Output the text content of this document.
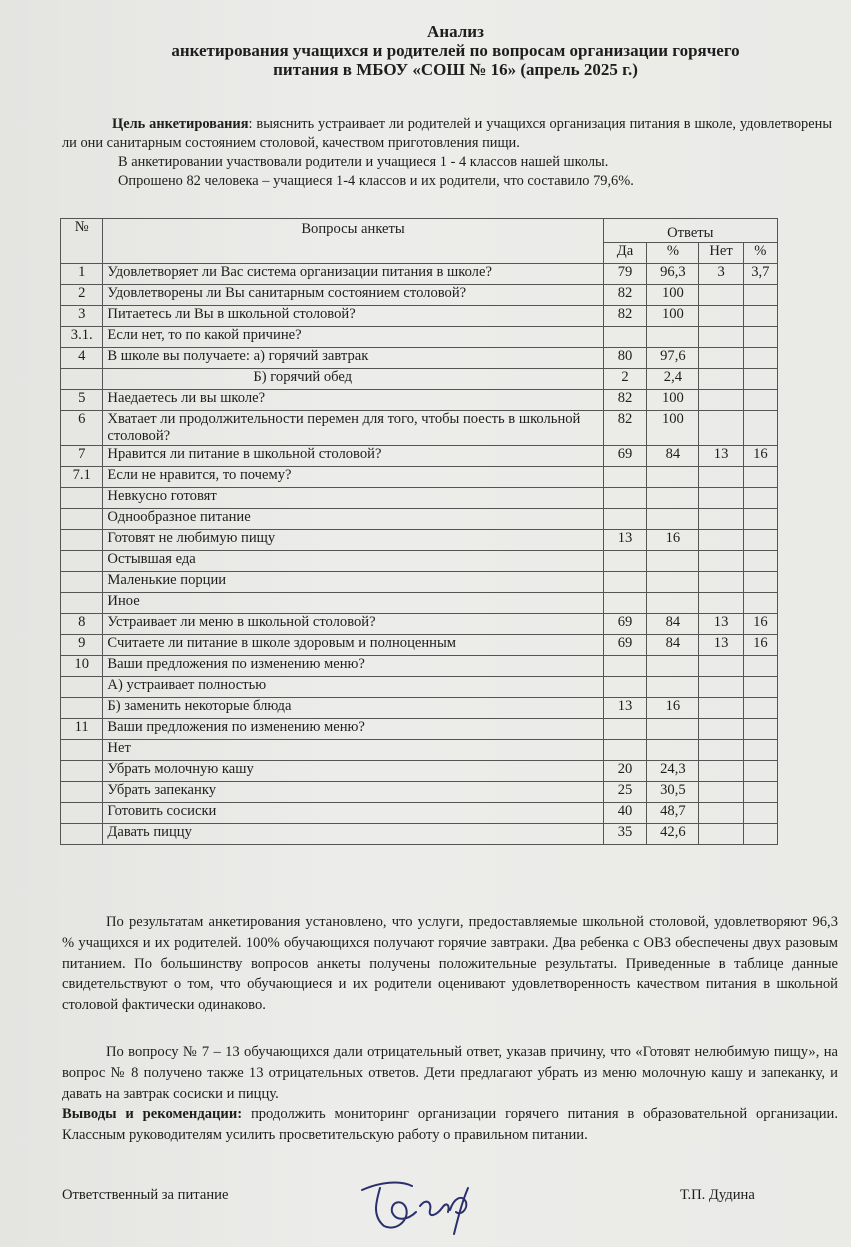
Анализ
анкетирования учащихся и родителей по вопросам организации горячего
питания в МБОУ «СОШ № 16» (апрель 2025 г.)
Цель анкетирования: выяснить устраивает ли родителей и учащихся организация питания в школе, удовлетворены ли они санитарным состоянием столовой, качеством приготовления пищи.
В анкетировании участвовали родители и учащиеся 1 - 4 классов нашей школы.
Опрошено 82 человека – учащиеся 1-4 классов и их родители, что составило 79,6%.
№	Вопросы анкеты	Ответы			
		Да	%	Нет	%
1	Удовлетворяет ли Вас система организации питания в школе?	79	96,3	3	3,7
2	Удовлетворены ли Вы санитарным состоянием столовой?	82	100		
3	Питаетесь ли Вы в школьной столовой?	82	100		
3.1.	Если нет, то по какой причине?				
4	В школе вы получаете: а) горячий завтрак	80	97,6		
	Б) горячий обед	2	2,4		
5	Наедаетесь ли вы школе?	82	100		
6	Хватает ли продолжительности перемен для того, чтобы поесть в школьной столовой?	82	100		
7	Нравится ли питание в школьной столовой?	69	84	13	16
7.1	Если не нравится, то почему?				
	Невкусно готовят				
	Однообразное питание				
	Готовят не любимую пищу	13	16		
	Остывшая еда				
	Маленькие порции				
	Иное				
8	Устраивает ли меню в школьной столовой?	69	84	13	16
9	Считаете ли питание в школе здоровым и полноценным	69	84	13	16
10	Ваши предложения по изменению меню?				
	А) устраивает полностью				
	Б) заменить некоторые блюда	13	16		
11	Ваши предложения по изменению меню?				
	Нет				
	Убрать молочную кашу	20	24,3		
	Убрать запеканку	25	30,5		
	Готовить сосиски	40	48,7		
	Давать пиццу	35	42,6		
По результатам анкетирования установлено, что услуги, предоставляемые школьной столовой, удовлетворяют 96,3 % учащихся и их родителей. 100% обучающихся получают горячие завтраки. Два ребенка с ОВЗ обеспечены двух разовым питанием. По большинству вопросов анкеты получены положительные результаты. Приведенные в таблице данные свидетельствуют о том, что обучающиеся и их родители оценивают удовлетворенность качеством питания в школьной столовой фактически одинаково.
По вопросу № 7 – 13 обучающихся дали отрицательный ответ, указав причину, что «Готовят нелюбимую пищу», на вопрос № 8 получено также 13 отрицательных ответов. Дети предлагают убрать из меню молочную кашу и запеканку, и давать на завтрак сосиски и пиццу.
Выводы и рекомендации: продолжить мониторинг организации горячего питания в образовательной организации. Классным руководителям усилить просветительскую работу о правильном питании.
Ответственный за питание	Т.П. Дудина
